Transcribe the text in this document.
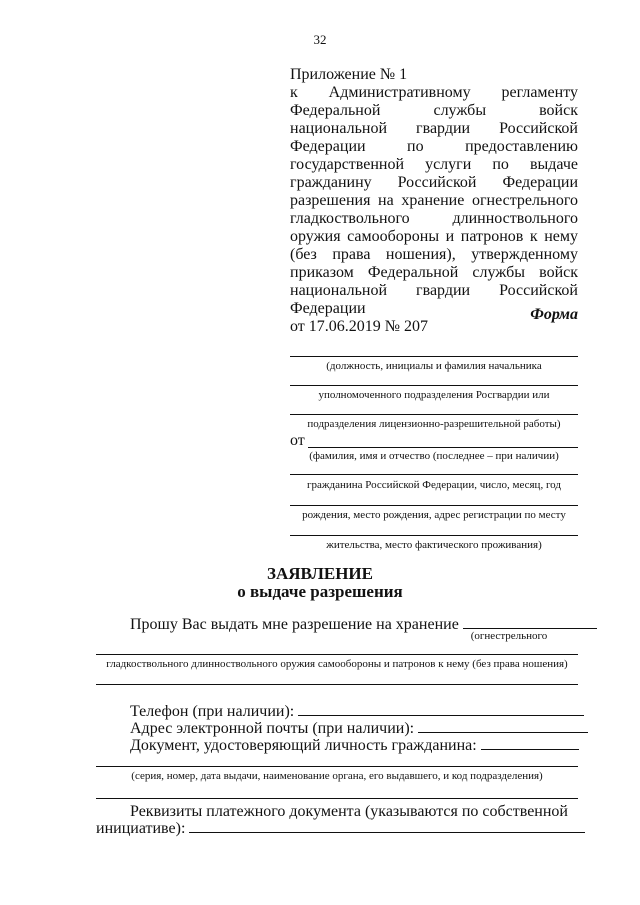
32
Приложение № 1
к Административному регламенту Федеральной службы войск национальной гвардии Российской Федерации по предоставлению государственной услуги по выдаче гражданину Российской Федерации разрешения на хранение огнестрельного гладкоствольного длинноствольного оружия самообороны и патронов к нему (без права ношения), утвержденному приказом Федеральной службы войск национальной гвардии Российской Федерации
от 17.06.2019 № 207
Форма
(должность, инициалы и фамилия начальника
уполномоченного подразделения Росгвардии или
подразделения лицензионно-разрешительной работы)
от
(фамилия, имя и отчество (последнее – при наличии)
гражданина Российской Федерации, число, месяц, год
рождения, место рождения, адрес регистрации по месту
жительства, место фактического проживания)
ЗАЯВЛЕНИЕ
о выдаче разрешения
Прошу Вас выдать мне разрешение на хранение
(огнестрельного
гладкоствольного длинноствольного оружия самообороны и патронов к нему (без права ношения)
Телефон (при наличии):
Адрес электронной почты (при наличии):
Документ, удостоверяющий личность гражданина:
(серия, номер, дата выдачи, наименование органа, его выдавшего, и код подразделения)
Реквизиты платежного документа (указываются по собственной
инициативе):
